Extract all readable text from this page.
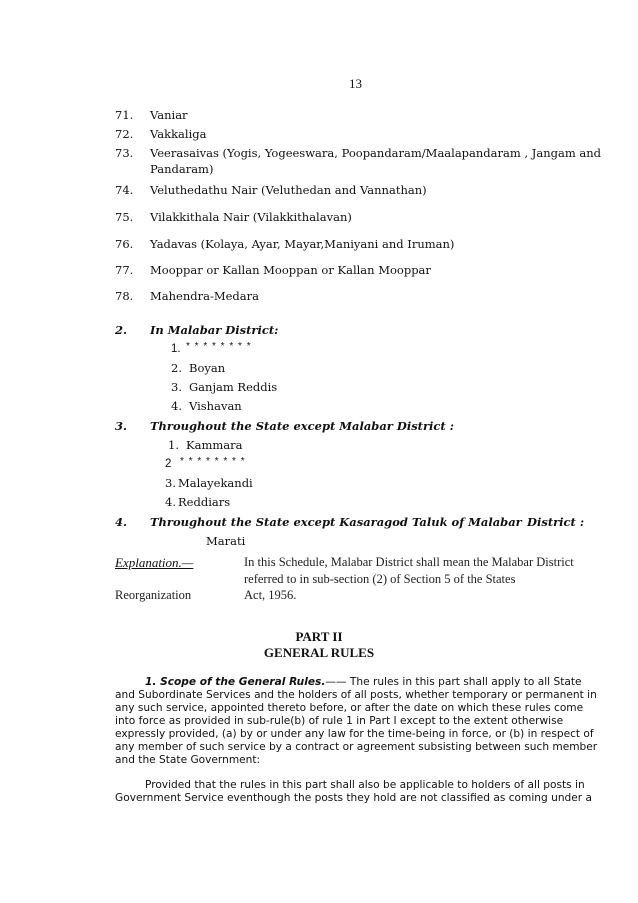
13
71. Vaniar
72. Vakkaliga
73. Veerasaivas (Yogis, Yogeeswara, Poopandaram/Maalapandaram , Jangam and
Pandaram)
74. Veluthedathu Nair (Veluthedan and Vannathan)
75. Vilakkithala Nair (Vilakkithalavan)
76. Yadavas (Kolaya, Ayar, Mayar,Maniyani and Iruman)
77. Mooppar or Kallan Mooppan or Kallan Mooppar
78. Mahendra-Medara
2. In Malabar District:
1. * * * * * * * *
2. Boyan
3. Ganjam Reddis
4. Vishavan
3. Throughout the State except Malabar District :
1. Kammara
2 * * * * * * * *
3. Malayekandi
4. Reddiars
4. Throughout the State except Kasaragod Taluk of Malabar District :
Marati
Explanation.—	In this Schedule, Malabar District shall mean the Malabar District
referred to in sub-section (2) of Section 5 of the States
Reorganization	Act, 1956.
PART II
GENERAL RULES
1. Scope of the General Rules.—— The rules in this part shall apply to all State
and Subordinate Services and the holders of all posts, whether temporary or permanent in
any such service, appointed thereto before, or after the date on which these rules come
into force as provided in sub-rule(b) of rule 1 in Part I except to the extent otherwise
expressly provided, (a) by or under any law for the time-being in force, or (b) in respect of
any member of such service by a contract or agreement subsisting between such member
and the State Government:
Provided that the rules in this part shall also be applicable to holders of all posts in
Government Service eventhough the posts they hold are not classified as coming under a
